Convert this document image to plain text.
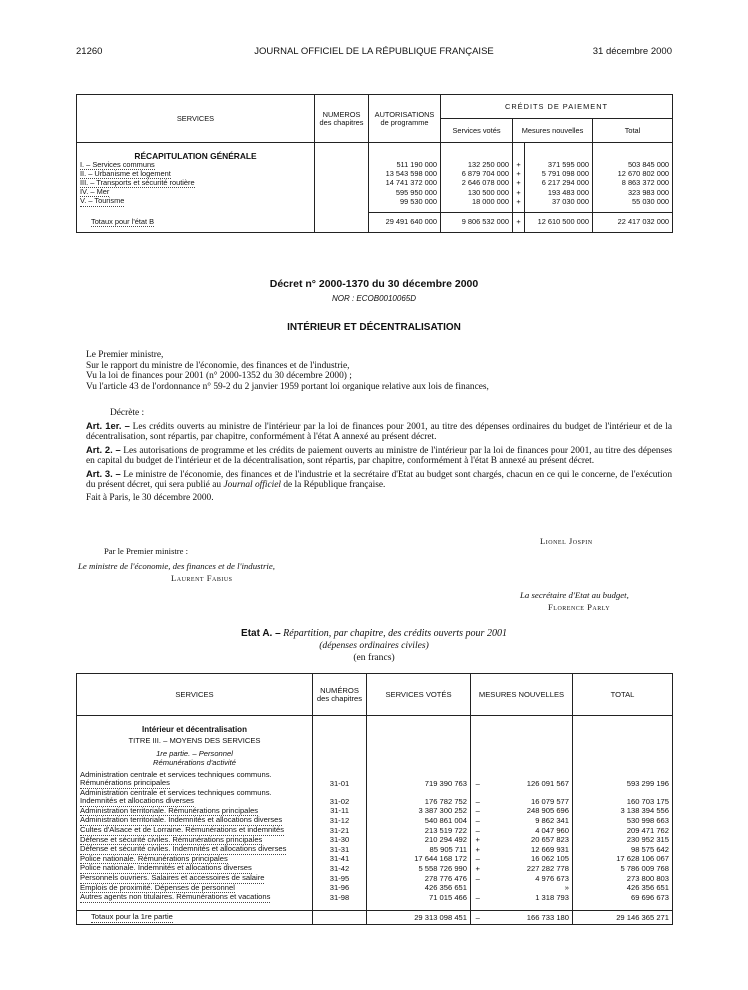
21260	JOURNAL OFFICIEL DE LA RÉPUBLIQUE FRANÇAISE	31 décembre 2000
SERVICES	NUMEROS des chapitres	AUTORISATIONS de programme	CRÉDITS DE PAIEMENT			
			Services votés	Mesures nouvelles		Total
RÉCAPITULATION GÉNÉRALE						
I. – Services communs		511 190 000	132 250 000	+	371 595 000	503 845 000
II. – Urbanisme et logement		13 543 598 000	6 879 704 000	+	5 791 098 000	12 670 802 000
III. – Transports et sécurité routière		14 741 372 000	2 646 078 000	+	6 217 294 000	8 863 372 000
IV. – Mer		595 950 000	130 500 000	+	193 483 000	323 983 000
V. – Tourisme		99 530 000	18 000 000	+	37 030 000	55 030 000

Totaux pour l'état B		29 491 640 000	9 806 532 000	+	12 610 500 000	22 417 032 000
Décret n° 2000-1370 du 30 décembre 2000
NOR : ECOB0010065D
INTÉRIEUR ET DÉCENTRALISATION

Le Premier ministre,

Sur le rapport du ministre de l'économie, des finances et de l'industrie,

Vu la loi de finances pour 2001 (n° 2000-1352 du 30 décembre 2000) ;

Vu l'article 43 de l'ordonnance n° 59-2 du 2 janvier 1959 portant loi organique relative aux lois de finances,

Décrète :

Art. 1er. – Les crédits ouverts au ministre de l'intérieur par la loi de finances pour 2001, au titre des dépenses ordinaires du budget de l'intérieur et de la décentralisation, sont répartis, par chapitre, conformément à l'état A annexé au présent décret.

Art. 2. – Les autorisations de programme et les crédits de paiement ouverts au ministre de l'intérieur par la loi de finances pour 2001, au titre des dépenses en capital du budget de l'intérieur et de la décentralisation, sont répartis, par chapitre, conformément à l'état B annexé au présent décret.

Art. 3. – Le ministre de l'économie, des finances et de l'industrie et la secrétaire d'Etat au budget sont chargés, chacun en ce qui le concerne, de l'exécution du présent décret, qui sera publié au Journal officiel de la République française.

Fait à Paris, le 30 décembre 2000.

Lionel Jospin
Par le Premier ministre :
Le ministre de l'économie, des finances et de l'industrie,
Laurent Fabius
La secrétaire d'Etat au budget,
Florence Parly
Etat A. – Répartition, par chapitre, des crédits ouverts pour 2001
(dépenses ordinaires civiles)
(en francs)
SERVICES	NUMÉROS des chapitres	SERVICES VOTÉS	MESURES NOUVELLES		TOTAL
Intérieur et décentralisation					
TITRE III. – MOYENS DES SERVICES					
1re partie. – Personnel					
Rémunérations d'activité					
Administration centrale et services techniques communs.					
Rémunérations principales	31-01	719 390 763	–	126 091 567	593 299 196
Administration centrale et services techniques communs.					
Indemnités et allocations diverses	31-02	176 782 752	–	16 079 577	160 703 175
Administration territoriale. Rémunérations principales	31-11	3 387 300 252	–	248 905 696	3 138 394 556
Administration territoriale. Indemnités et allocations diverses	31-12	540 861 004	–	9 862 341	530 998 663
Cultes d'Alsace et de Lorraine. Rémunérations et indemnités	31-21	213 519 722	–	4 047 960	209 471 762
Défense et sécurité civiles. Rémunérations principales	31-30	210 294 492	+	20 657 823	230 952 315
Défense et sécurité civiles. Indemnités et allocations diverses	31-31	85 905 711	+	12 669 931	98 575 642
Police nationale. Rémunérations principales	31-41	17 644 168 172	–	16 062 105	17 628 106 067
Police nationale. Indemnités et allocations diverses	31-42	5 558 726 990	+	227 282 778	5 786 009 768
Personnels ouvriers. Salaires et accessoires de salaire	31-95	278 776 476	–	4 976 673	273 800 803
Emplois de proximité. Dépenses de personnel	31-96	426 356 651		»	426 356 651
Autres agents non titulaires. Rémunérations et vacations	31-98	71 015 466	–	1 318 793	69 696 673

Totaux pour la 1re partie		29 313 098 451	–	166 733 180	29 146 365 271
